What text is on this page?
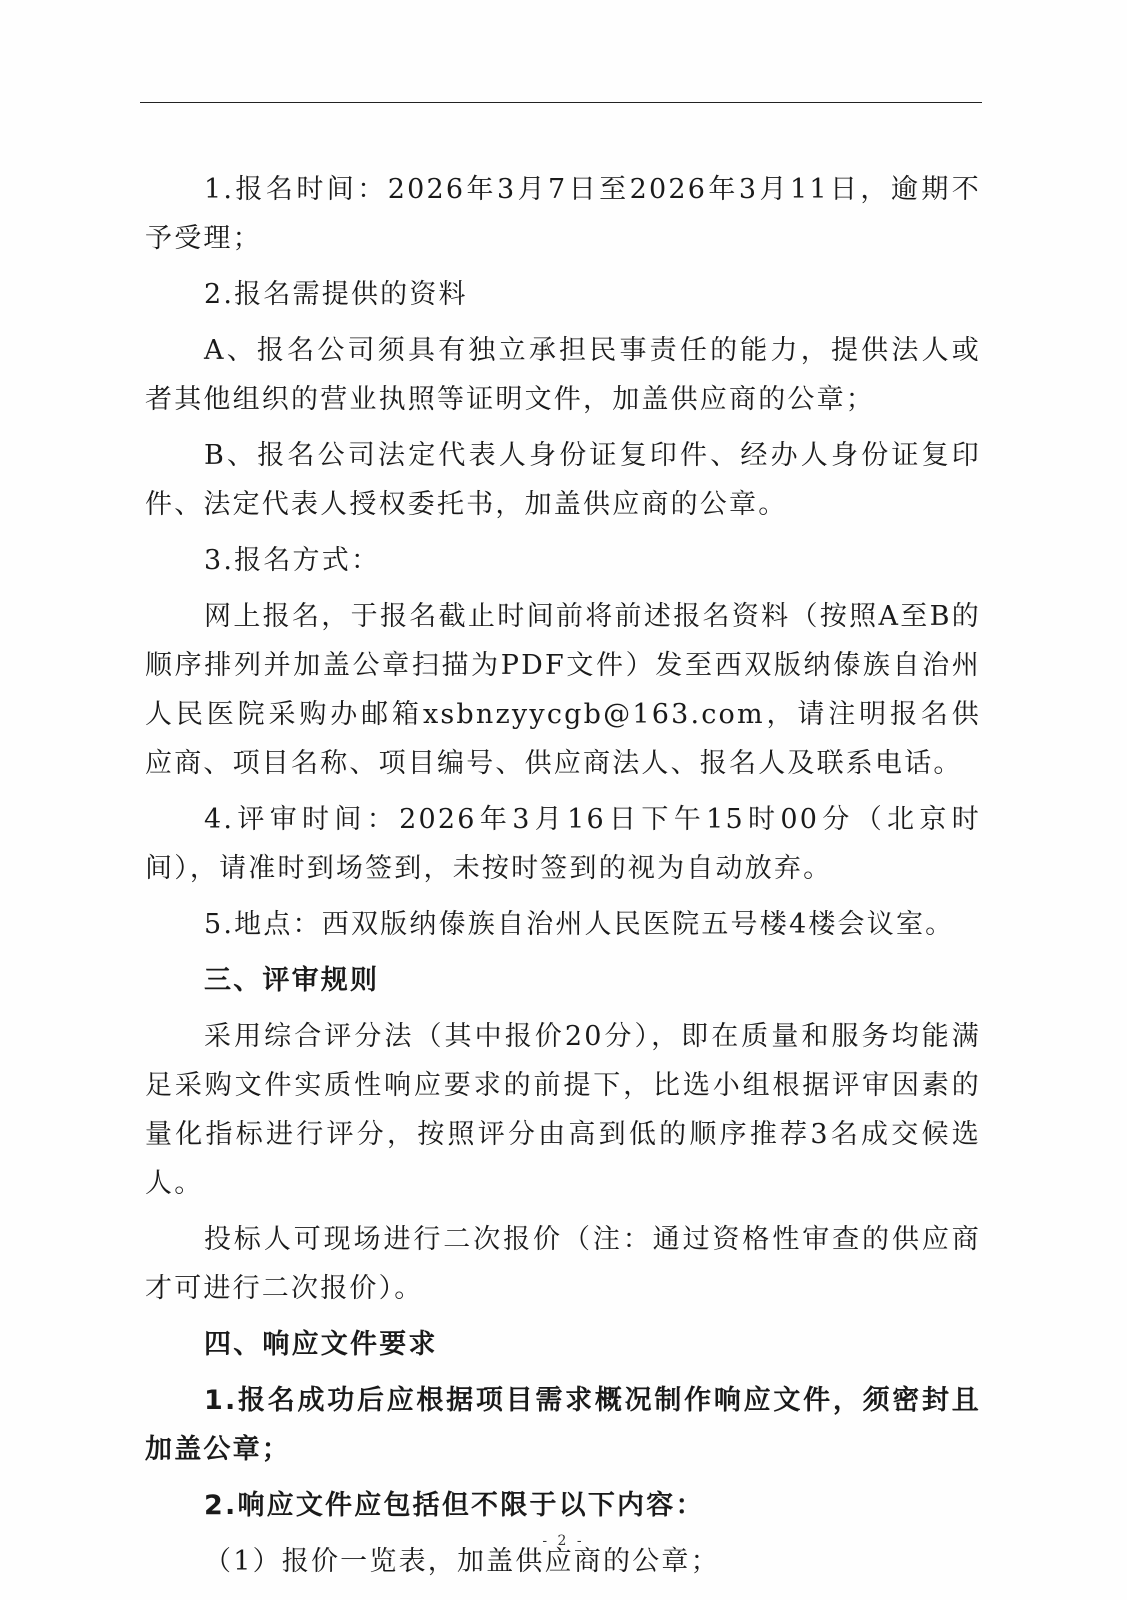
1.报名时间：2026年3月7日至2026年3月11日，逾期不予受理；

2.报名需提供的资料

A、报名公司须具有独立承担民事责任的能力，提供法人或者其他组织的营业执照等证明文件，加盖供应商的公章；

B、报名公司法定代表人身份证复印件、经办人身份证复印件、法定代表人授权委托书，加盖供应商的公章。

3.报名方式：

网上报名，于报名截止时间前将前述报名资料（按照A至B的顺序排列并加盖公章扫描为PDF文件）发至西双版纳傣族自治州人民医院采购办邮箱xsbnzyycgb@163.com，请注明报名供应商、项目名称、项目编号、供应商法人、报名人及联系电话。

4.评审时间：2026年3月16日下午15时00分（北京时间），请准时到场签到，未按时签到的视为自动放弃。

5.地点：西双版纳傣族自治州人民医院五号楼4楼会议室。

三、评审规则

采用综合评分法（其中报价20分），即在质量和服务均能满足采购文件实质性响应要求的前提下，比选小组根据评审因素的量化指标进行评分，按照评分由高到低的顺序推荐3名成交候选人。

投标人可现场进行二次报价（注：通过资格性审查的供应商才可进行二次报价）。

四、响应文件要求

1.报名成功后应根据项目需求概况制作响应文件，须密封且加盖公章；

2.响应文件应包括但不限于以下内容：

（1）报价一览表，加盖供应商的公章；

- 2 -
